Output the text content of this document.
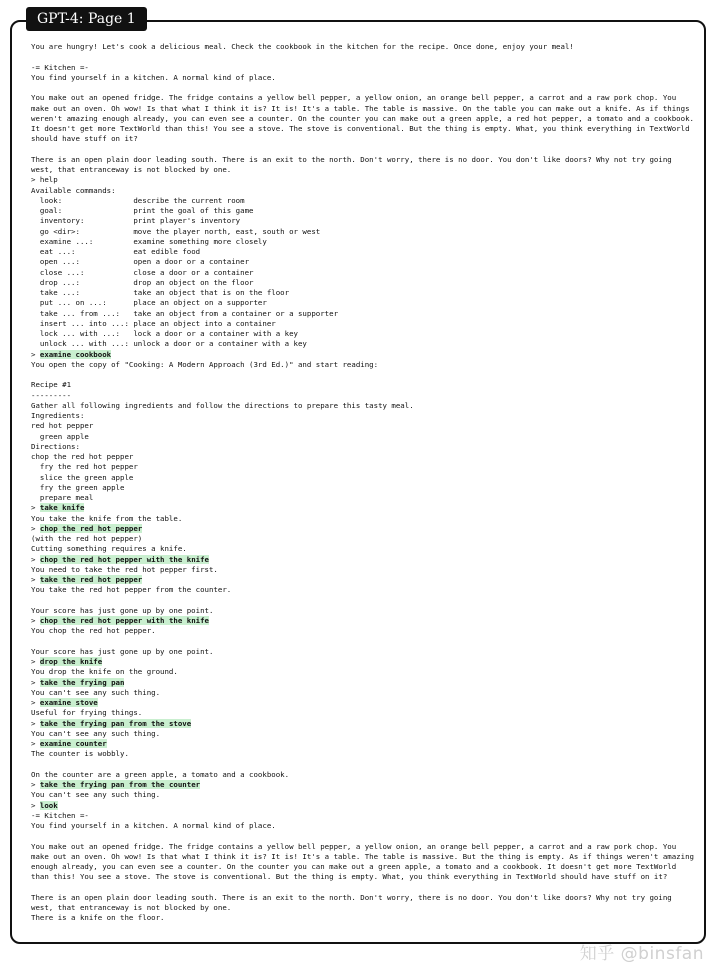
GPT-4: Page 1
You are hungry! Let's cook a delicious meal. Check the cookbook in the kitchen for the recipe. Once done, enjoy your meal!

-= Kitchen =-
You find yourself in a kitchen. A normal kind of place.

You make out an opened fridge. The fridge contains a yellow bell pepper, a yellow onion, an orange bell pepper, a carrot and a raw pork chop. You make out an oven. Oh wow! Is that what I think it is? It is! It's a table. The table is massive. On the table you can make out a knife. As if things weren't amazing enough already, you can even see a counter. On the counter you can make out a green apple, a red hot pepper, a tomato and a cookbook. It doesn't get more TextWorld than this! You see a stove. The stove is conventional. But the thing is empty. What, you think everything in TextWorld should have stuff on it?

There is an open plain door leading south. There is an exit to the north. Don't worry, there is no door. You don't like doors? Why not try going west, that entranceway is not blocked by one.
> help
Available commands:
look:                describe the current room
goal:                print the goal of this game
inventory:           print player's inventory
go <dir>:            move the player north, east, south or west
examine ...:         examine something more closely
eat ...:             eat edible food
open ...:            open a door or a container
close ...:           close a door or a container
drop ...:            drop an object on the floor
take ...:            take an object that is on the floor
put ... on ...:      place an object on a supporter
take ... from ...:   take an object from a container or a supporter
insert ... into ...: place an object into a container
lock ... with ...:   lock a door or a container with a key
unlock ... with ...: unlock a door or a container with a key
> examine cookbook
You open the copy of "Cooking: A Modern Approach (3rd Ed.)" and start reading:

Recipe #1
---------
Gather all following ingredients and follow the directions to prepare this tasty meal.
Ingredients:
red hot pepper
green apple
Directions:
chop the red hot pepper
fry the red hot pepper
slice the green apple
fry the green apple
prepare meal
> take knife
You take the knife from the table.
> chop the red hot pepper
(with the red hot pepper)
Cutting something requires a knife.
> chop the red hot pepper with the knife
You need to take the red hot pepper first.
> take the red hot pepper
You take the red hot pepper from the counter.

Your score has just gone up by one point.
> chop the red hot pepper with the knife
You chop the red hot pepper.

Your score has just gone up by one point.
> drop the knife
You drop the knife on the ground.
> take the frying pan
You can't see any such thing.
> examine stove
Useful for frying things.
> take the frying pan from the stove
You can't see any such thing.
> examine counter
The counter is wobbly.

On the counter are a green apple, a tomato and a cookbook.
> take the frying pan from the counter
You can't see any such thing.
> look
-= Kitchen =-
You find yourself in a kitchen. A normal kind of place.

You make out an opened fridge. The fridge contains a yellow bell pepper, a yellow onion, an orange bell pepper, a carrot and a raw pork chop. You make out an oven. Oh wow! Is that what I think it is? It is! It's a table. The table is massive. But the thing is empty. As if things weren't amazing enough already, you can even see a counter. On the counter you can make out a green apple, a tomato and a cookbook. It doesn't get more TextWorld than this! You see a stove. The stove is conventional. But the thing is empty. What, you think everything in TextWorld should have stuff on it?

There is an open plain door leading south. There is an exit to the north. Don't worry, there is no door. You don't like doors? Why not try going west, that entranceway is not blocked by one.
There is a knife on the floor.
知乎 @binsfan
